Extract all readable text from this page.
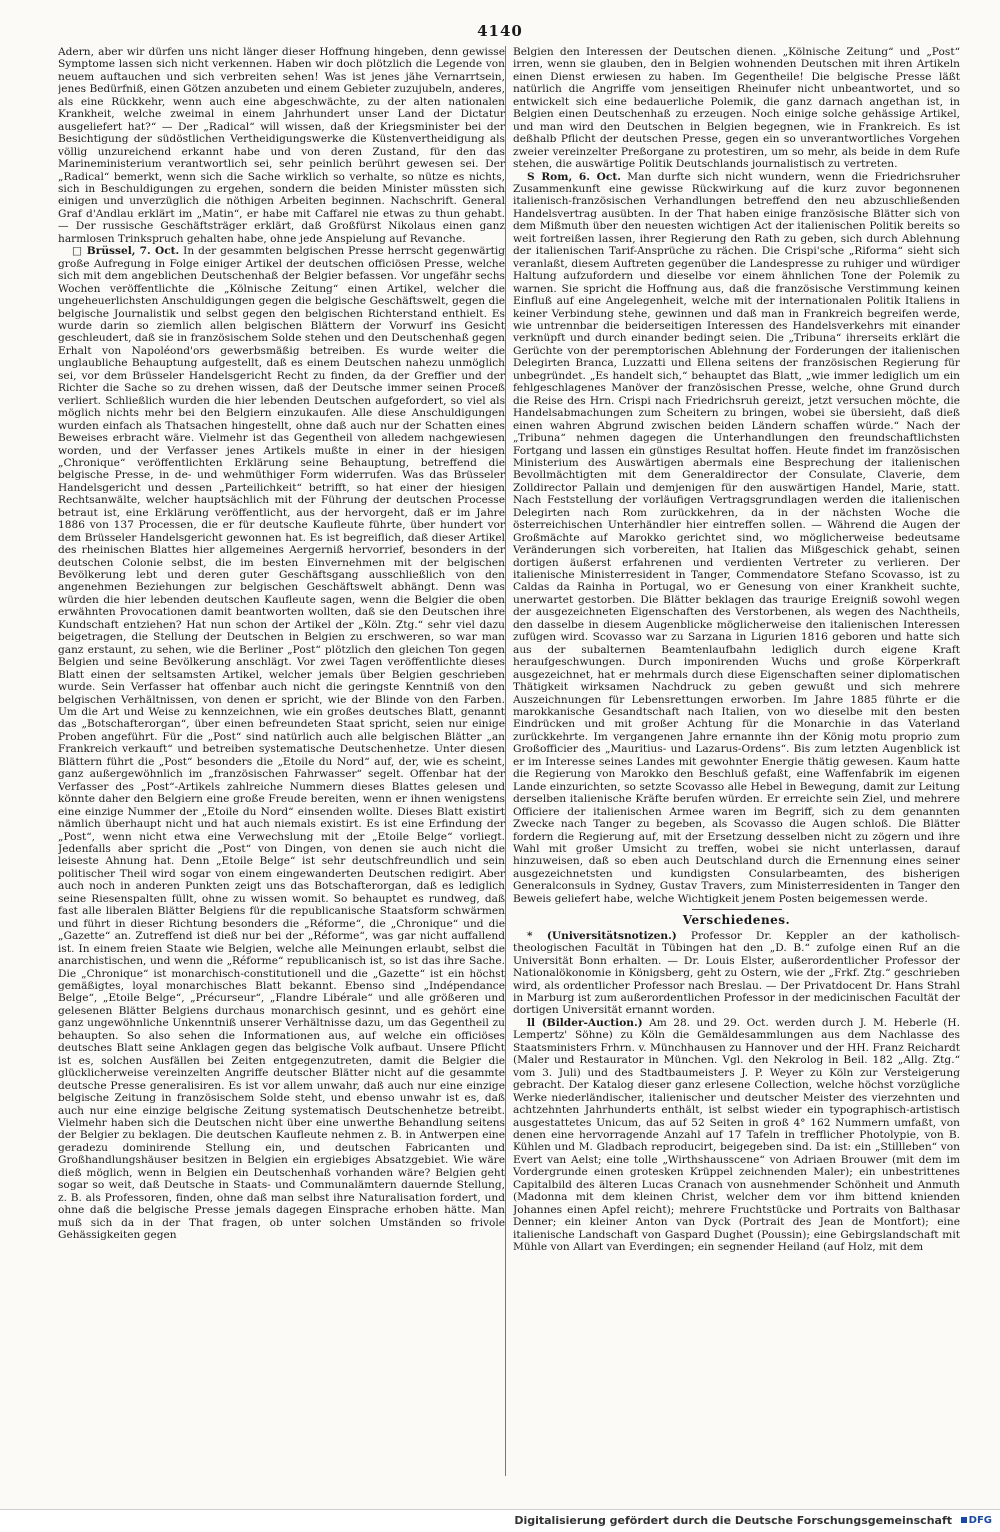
4140

Adern, aber wir dürfen uns nicht länger dieser Hoffnung hingeben, denn gewisse Symptome lassen sich nicht verkennen. Haben wir doch plötzlich die Legende von neuem auftauchen und sich verbreiten sehen! Was ist jenes jähe Vernarrtsein, jenes Bedürfniß, einen Götzen anzubeten und einem Gebieter zuzujubeln, anderes, als eine Rückkehr, wenn auch eine abgeschwächte, zu der alten nationalen Krankheit, welche zweimal in einem Jahrhundert unser Land der Dictatur ausgeliefert hat?“ — Der „Radical“ will wissen, daß der Kriegsminister bei der Besichtigung der südöstlichen Vertheidigungswerke die Küstenvertheidigung als völlig unzureichend erkannt habe und von deren Zustand, für den das Marineministerium verantwortlich sei, sehr peinlich berührt gewesen sei. Der „Radical“ bemerkt, wenn sich die Sache wirklich so verhalte, so nütze es nichts, sich in Beschuldigungen zu ergehen, sondern die beiden Minister müssten sich einigen und unverzüglich die nöthigen Arbeiten beginnen. Nachschrift. General Graf d'Andlau erklärt im „Matin“, er habe mit Caffarel nie etwas zu thun gehabt. — Der russische Geschäftsträger erklärt, daß Großfürst Nikolaus einen ganz harmlosen Trinkspruch gehalten habe, ohne jede Anspielung auf Revanche.

□ Brüssel, 7. Oct. In der gesammten belgischen Presse herrscht gegenwärtig große Aufregung in Folge einiger Artikel der deutschen officiösen Presse, welche sich mit dem angeblichen Deutschenhaß der Belgier befassen. Vor ungefähr sechs Wochen veröffentlichte die „Kölnische Zeitung“ einen Artikel, welcher die ungeheuerlichsten Anschuldigungen gegen die belgische Geschäftswelt, gegen die belgische Journalistik und selbst gegen den belgischen Richterstand enthielt. Es wurde darin so ziemlich allen belgischen Blättern der Vorwurf ins Gesicht geschleudert, daß sie in französischem Solde stehen und den Deutschenhaß gegen Erhalt von Napoléond'ors gewerbsmäßig betreiben. Es wurde weiter die unglaubliche Behauptung aufgestellt, daß es einem Deutschen nahezu unmöglich sei, vor dem Brüsseler Handelsgericht Recht zu finden, da der Greffier und der Richter die Sache so zu drehen wissen, daß der Deutsche immer seinen Proceß verliert. Schließlich wurden die hier lebenden Deutschen aufgefordert, so viel als möglich nichts mehr bei den Belgiern einzukaufen. Alle diese Anschuldigungen wurden einfach als Thatsachen hingestellt, ohne daß auch nur der Schatten eines Beweises erbracht wäre. Vielmehr ist das Gegentheil von alledem nachgewiesen worden, und der Verfasser jenes Artikels mußte in einer in der hiesigen „Chronique“ veröffentlichten Erklärung seine Behauptung, betreffend die belgische Presse, in de- und wehmüthiger Form widerrufen. Was das Brüsseler Handelsgericht und dessen „Parteilichkeit“ betrifft, so hat einer der hiesigen Rechtsanwälte, welcher hauptsächlich mit der Führung der deutschen Processe betraut ist, eine Erklärung veröffentlicht, aus der hervorgeht, daß er im Jahre 1886 von 137 Processen, die er für deutsche Kaufleute führte, über hundert vor dem Brüsseler Handelsgericht gewonnen hat. Es ist begreiflich, daß dieser Artikel des rheinischen Blattes hier allgemeines Aergerniß hervorrief, besonders in der deutschen Colonie selbst, die im besten Einvernehmen mit der belgischen Bevölkerung lebt und deren guter Geschäftsgang ausschließlich von den angenehmen Beziehungen zur belgischen Geschäftswelt abhängt. Denn was würden die hier lebenden deutschen Kaufleute sagen, wenn die Belgier die oben erwähnten Provocationen damit beantworten wollten, daß sie den Deutschen ihre Kundschaft entziehen? Hat nun schon der Artikel der „Köln. Ztg.“ sehr viel dazu beigetragen, die Stellung der Deutschen in Belgien zu erschweren, so war man ganz erstaunt, zu sehen, wie die Berliner „Post“ plötzlich den gleichen Ton gegen Belgien und seine Bevölkerung anschlägt. Vor zwei Tagen veröffentlichte dieses Blatt einen der seltsamsten Artikel, welcher jemals über Belgien geschrieben wurde. Sein Verfasser hat offenbar auch nicht die geringste Kenntniß von den belgischen Verhältnissen, von denen er spricht, wie der Blinde von den Farben. Um die Art und Weise zu kennzeichnen, wie ein großes deutsches Blatt, genannt das „Botschafterorgan“, über einen befreundeten Staat spricht, seien nur einige Proben angeführt. Für die „Post“ sind natürlich auch alle belgischen Blätter „an Frankreich verkauft“ und betreiben systematische Deutschenhetze. Unter diesen Blättern führt die „Post“ besonders die „Etoile du Nord“ auf, der, wie es scheint, ganz außergewöhnlich im „französischen Fahrwasser“ segelt. Offenbar hat der Verfasser des „Post“-Artikels zahlreiche Nummern dieses Blattes gelesen und könnte daher den Belgiern eine große Freude bereiten, wenn er ihnen wenigstens eine einzige Nummer der „Etoile du Nord“ einsenden wollte. Dieses Blatt existirt nämlich überhaupt nicht und hat auch niemals existirt. Es ist eine Erfindung der „Post“, wenn nicht etwa eine Verwechslung mit der „Etoile Belge“ vorliegt. Jedenfalls aber spricht die „Post“ von Dingen, von denen sie auch nicht die leiseste Ahnung hat. Denn „Etoile Belge“ ist sehr deutschfreundlich und sein politischer Theil wird sogar von einem eingewanderten Deutschen redigirt. Aber auch noch in anderen Punkten zeigt uns das Botschafterorgan, daß es lediglich seine Riesenspalten füllt, ohne zu wissen womit. So behauptet es rundweg, daß fast alle liberalen Blätter Belgiens für die republicanische Staatsform schwärmen und führt in dieser Richtung besonders die „Réforme“, die „Chronique“ und die „Gazette“ an. Zutreffend ist dieß nur bei der „Réforme“, was gar nicht auffallend ist. In einem freien Staate wie Belgien, welche alle Meinungen erlaubt, selbst die anarchistischen, und wenn die „Réforme“ republicanisch ist, so ist das ihre Sache. Die „Chronique“ ist monarchisch-constitutionell und die „Gazette“ ist ein höchst gemäßigtes, loyal monarchisches Blatt bekannt. Ebenso sind „Indépendance Belge“, „Etoile Belge“, „Précurseur“, „Flandre Libérale“ und alle größeren und gelesenen Blätter Belgiens durchaus monarchisch gesinnt, und es gehört eine ganz ungewöhnliche Unkenntniß unserer Verhältnisse dazu, um das Gegentheil zu behaupten. So also sehen die Informationen aus, auf welche ein officiöses deutsches Blatt seine Anklagen gegen das belgische Volk aufbaut. Unsere Pflicht ist es, solchen Ausfällen bei Zeiten entgegenzutreten, damit die Belgier die glücklicherweise vereinzelten Angriffe deutscher Blätter nicht auf die gesammte deutsche Presse generalisiren. Es ist vor allem unwahr, daß auch nur eine einzige belgische Zeitung in französischem Solde steht, und ebenso unwahr ist es, daß auch nur eine einzige belgische Zeitung systematisch Deutschenhetze betreibt. Vielmehr haben sich die Deutschen nicht über eine unwerthe Behandlung seitens der Belgier zu beklagen. Die deutschen Kaufleute nehmen z. B. in Antwerpen eine geradezu dominirende Stellung ein, und deutschen Fabricanten und Großhandlungshäuser besitzen in Belgien ein ergiebiges Absatzgebiet. Wie wäre dieß möglich, wenn in Belgien ein Deutschenhaß vorhanden wäre? Belgien geht sogar so weit, daß Deutsche in Staats- und Communalämtern dauernde Stellung, z. B. als Professoren, finden, ohne daß man selbst ihre Naturalisation fordert, und ohne daß die belgische Presse jemals dagegen Einsprache erhoben hätte. Man muß sich da in der That fragen, ob unter solchen Umständen so frivole Gehässigkeiten gegen

Belgien den Interessen der Deutschen dienen. „Kölnische Zeitung“ und „Post“ irren, wenn sie glauben, den in Belgien wohnenden Deutschen mit ihren Artikeln einen Dienst erwiesen zu haben. Im Gegentheile! Die belgische Presse läßt natürlich die Angriffe vom jenseitigen Rheinufer nicht unbeantwortet, und so entwickelt sich eine bedauerliche Polemik, die ganz darnach angethan ist, in Belgien einen Deutschenhaß zu erzeugen. Noch einige solche gehässige Artikel, und man wird den Deutschen in Belgien begegnen, wie in Frankreich. Es ist deßhalb Pflicht der deutschen Presse, gegen ein so unverantwortliches Vorgehen zweier vereinzelter Preßorgane zu protestiren, um so mehr, als beide in dem Rufe stehen, die auswärtige Politik Deutschlands journalistisch zu vertreten.

S Rom, 6. Oct. Man durfte sich nicht wundern, wenn die Friedrichsruher Zusammenkunft eine gewisse Rückwirkung auf die kurz zuvor begonnenen italienisch-französischen Verhandlungen betreffend den neu abzuschließenden Handelsvertrag ausübten. In der That haben einige französische Blätter sich von dem Mißmuth über den neuesten wichtigen Act der italienischen Politik bereits so weit fortreißen lassen, ihrer Regierung den Rath zu geben, sich durch Ablehnung der italienischen Tarif-Ansprüche zu rächen. Die Crispi'sche „Riforma“ sieht sich veranlaßt, diesem Auftreten gegenüber die Landespresse zu ruhiger und würdiger Haltung aufzufordern und dieselbe vor einem ähnlichen Tone der Polemik zu warnen. Sie spricht die Hoffnung aus, daß die französische Verstimmung keinen Einfluß auf eine Angelegenheit, welche mit der internationalen Politik Italiens in keiner Verbindung stehe, gewinnen und daß man in Frankreich begreifen werde, wie untrennbar die beiderseitigen Interessen des Handelsverkehrs mit einander verknüpft und durch einander bedingt seien. Die „Tribuna“ ihrerseits erklärt die Gerüchte von der peremptorischen Ablehnung der Forderungen der italienischen Delegirten Branca, Luzzatti und Ellena seitens der französischen Regierung für unbegründet. „Es handelt sich,“ behauptet das Blatt, „wie immer lediglich um ein fehlgeschlagenes Manöver der französischen Presse, welche, ohne Grund durch die Reise des Hrn. Crispi nach Friedrichsruh gereizt, jetzt versuchen möchte, die Handelsabmachungen zum Scheitern zu bringen, wobei sie übersieht, daß dieß einen wahren Abgrund zwischen beiden Ländern schaffen würde.“ Nach der „Tribuna“ nehmen dagegen die Unterhandlungen den freundschaftlichsten Fortgang und lassen ein günstiges Resultat hoffen. Heute findet im französischen Ministerium des Auswärtigen abermals eine Besprechung der italienischen Bevollmächtigten mit dem Generaldirector der Consulate, Claverie, dem Zolldirector Pallain und demjenigen für den auswärtigen Handel, Marie, statt. Nach Feststellung der vorläufigen Vertragsgrundlagen werden die italienischen Delegirten nach Rom zurückkehren, da in der nächsten Woche die österreichischen Unterhändler hier eintreffen sollen. — Während die Augen der Großmächte auf Marokko gerichtet sind, wo möglicherweise bedeutsame Veränderungen sich vorbereiten, hat Italien das Mißgeschick gehabt, seinen dortigen äußerst erfahrenen und verdienten Vertreter zu verlieren. Der italienische Ministerresident in Tanger, Commendatore Stefano Scovasso, ist zu Caldas da Rainha in Portugal, wo er Genesung von einer Krankheit suchte, unerwartet gestorben. Die Blätter beklagen das traurige Ereigniß sowohl wegen der ausgezeichneten Eigenschaften des Verstorbenen, als wegen des Nachtheils, den dasselbe in diesem Augenblicke möglicherweise den italienischen Interessen zufügen wird. Scovasso war zu Sarzana in Ligurien 1816 geboren und hatte sich aus der subalternen Beamtenlaufbahn lediglich durch eigene Kraft heraufgeschwungen. Durch imponirenden Wuchs und große Körperkraft ausgezeichnet, hat er mehrmals durch diese Eigenschaften seiner diplomatischen Thätigkeit wirksamen Nachdruck zu geben gewußt und sich mehrere Auszeichnungen für Lebensrettungen erworben. Im Jahre 1885 führte er die marokkanische Gesandtschaft nach Italien, von wo dieselbe mit den besten Eindrücken und mit großer Achtung für die Monarchie in das Vaterland zurückkehrte. Im vergangenen Jahre ernannte ihn der König motu proprio zum Großofficier des „Mauritius- und Lazarus-Ordens“. Bis zum letzten Augenblick ist er im Interesse seines Landes mit gewohnter Energie thätig gewesen. Kaum hatte die Regierung von Marokko den Beschluß gefaßt, eine Waffenfabrik im eigenen Lande einzurichten, so setzte Scovasso alle Hebel in Bewegung, damit zur Leitung derselben italienische Kräfte berufen würden. Er erreichte sein Ziel, und mehrere Officiere der italienischen Armee waren im Begriff, sich zu dem genannten Zwecke nach Tanger zu begeben, als Scovasso die Augen schloß. Die Blätter fordern die Regierung auf, mit der Ersetzung desselben nicht zu zögern und ihre Wahl mit großer Umsicht zu treffen, wobei sie nicht unterlassen, darauf hinzuweisen, daß so eben auch Deutschland durch die Ernennung eines seiner ausgezeichnetsten und kundigsten Consularbeamten, des bisherigen Generalconsuls in Sydney, Gustav Travers, zum Ministerresidenten in Tanger den Beweis geliefert habe, welche Wichtigkeit jenem Posten beigemessen werde.

Verschiedenes.

* (Universitätsnotizen.) Professor Dr. Keppler an der katholisch-theologischen Facultät in Tübingen hat den „D. B.“ zufolge einen Ruf an die Universität Bonn erhalten. — Dr. Louis Elster, außerordentlicher Professor der Nationalökonomie in Königsberg, geht zu Ostern, wie der „Frkf. Ztg.“ geschrieben wird, als ordentlicher Professor nach Breslau. — Der Privatdocent Dr. Hans Strahl in Marburg ist zum außerordentlichen Professor in der medicinischen Facultät der dortigen Universität ernannt worden.

ll (Bilder-Auction.) Am 28. und 29. Oct. werden durch J. M. Heberle (H. Lempertz' Söhne) zu Köln die Gemäldesammlungen aus dem Nachlasse des Staatsministers Frhrn. v. Münchhausen zu Hannover und der HH. Franz Reichardt (Maler und Restaurator in München. Vgl. den Nekrolog in Beil. 182 „Allg. Ztg.“ vom 3. Juli) und des Stadtbaumeisters J. P. Weyer zu Köln zur Versteigerung gebracht. Der Katalog dieser ganz erlesene Collection, welche höchst vorzügliche Werke niederländischer, italienischer und deutscher Meister des vierzehnten und achtzehnten Jahrhunderts enthält, ist selbst wieder ein typographisch-artistisch ausgestattetes Unicum, das auf 52 Seiten in groß 4° 162 Nummern umfaßt, von denen eine hervorragende Anzahl auf 17 Tafeln in trefflicher Photolypie, von B. Kühlen und M. Gladbach reproducirt, beigegeben sind. Da ist: ein „Stillleben“ von Evert van Aelst; eine tolle „Wirthshausscene“ von Adriaen Brouwer (mit dem im Vordergrunde einen grotesken Krüppel zeichnenden Maler); ein unbestrittenes Capitalbild des älteren Lucas Cranach von ausnehmender Schönheit und Anmuth (Madonna mit dem kleinen Christ, welcher dem vor ihm bittend knienden Johannes einen Apfel reicht); mehrere Fruchtstücke und Portraits von Balthasar Denner; ein kleiner Anton van Dyck (Portrait des Jean de Montfort); eine italienische Landschaft von Gaspard Dughet (Poussin); eine Gebirgslandschaft mit Mühle von Allart van Everdingen; ein segnender Heiland (auf Holz, mit dem

Digitalisierung gefördert durch die Deutsche Forschungsgemeinschaft	DFG
